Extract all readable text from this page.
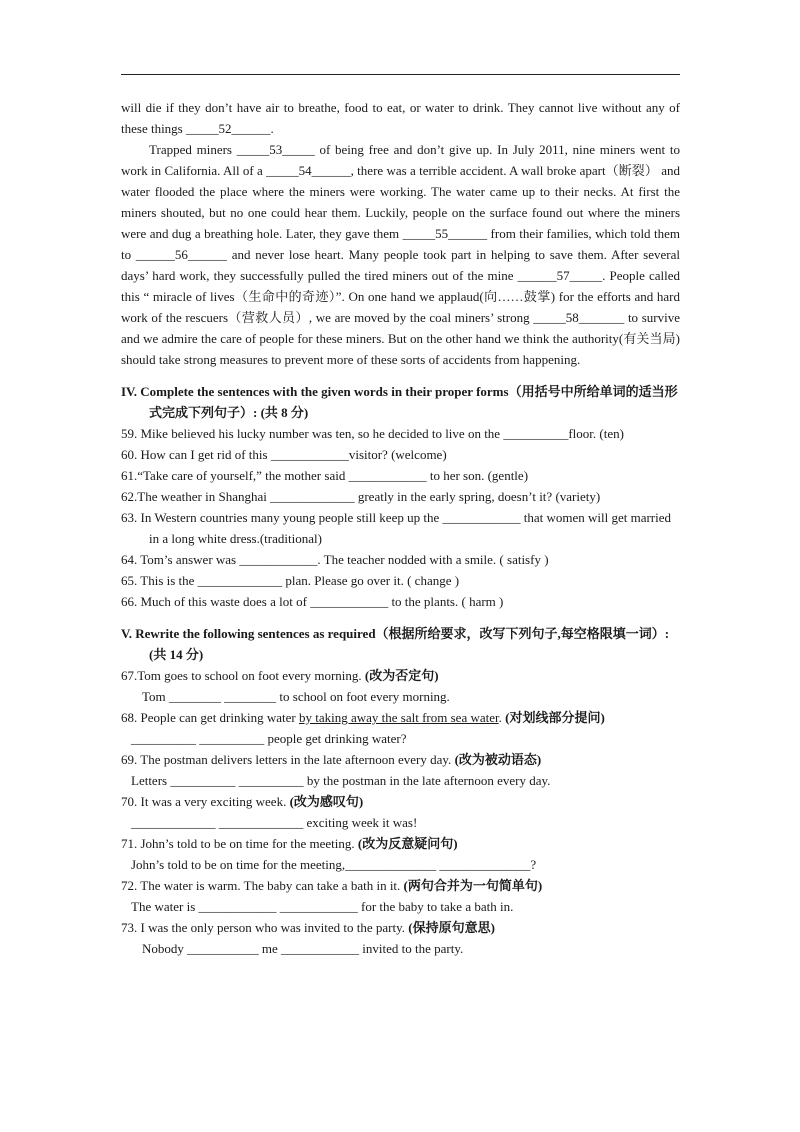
will die if they don’t have air to breathe, food to eat, or water to drink. They cannot live without any of these things _____52______.

Trapped miners _____53_____ of being free and don’t give up. In July 2011, nine miners went to work in California. All of a _____54______, there was a terrible accident. A wall broke apart（断裂） and water flooded the place where the miners were working. The water came up to their necks. At first the miners shouted, but no one could hear them. Luckily, people on the surface found out where the miners were and dug a breathing hole. Later, they gave them _____55______ from their families, which told them to ______56______ and never lose heart. Many people took part in helping to save them. After several days’ hard work, they successfully pulled the tired miners out of the mine ______57_____. People called this “ miracle of lives（生命中的奇迹）”. On one hand we applaud(向……鼓掌) for the efforts and hard work of the rescuers（营救人员）, we are moved by the coal miners’ strong _____58_______ to survive and we admire the care of people for these miners. But on the other hand we think the authority(有关当局) should take strong measures to prevent more of these sorts of accidents from happening.

IV. Complete the sentences with the given words in their proper forms（用括号中所给单词的适当形式完成下列句子）: (共 8 分)

59. Mike believed his lucky number was ten, so he decided to live on the __________floor. (ten)

60. How can I get rid of this ____________visitor? (welcome)

61.“Take care of yourself,” the mother said ____________ to her son. (gentle)

62.The weather in Shanghai _____________ greatly in the early spring, doesn’t it? (variety)

63. In Western countries many young people still keep up the ____________ that women will get married in a long white dress.(traditional)

64. Tom’s answer was ____________. The teacher nodded with a smile. ( satisfy )

65. This is the _____________ plan. Please go over it. ( change )

66. Much of this waste does a lot of ____________ to the plants. ( harm )

V. Rewrite the following sentences as required（根据所给要求，改写下列句子,每空格限填一词）: (共 14 分)

67.Tom goes to school on foot every morning. (改为否定句)

Tom ________ ________ to school on foot every morning.

68. People can get drinking water by taking away the salt from sea water. (对划线部分提问)

__________ __________ people get drinking water?

69. The postman delivers letters in the late afternoon every day. (改为被动语态)

Letters __________ __________ by the postman in the late afternoon every day.

70. It was a very exciting week. (改为感叹句)

_____________ _____________ exciting week it was!

71. John’s told to be on time for the meeting. (改为反意疑问句)

John’s told to be on time for the meeting,______________ ______________?

72. The water is warm. The baby can take a bath in it. (两句合并为一句简单句)

The water is ____________ ____________ for the baby to take a bath in.

73. I was the only person who was invited to the party. (保持原句意思)

Nobody ___________ me ____________ invited to the party.
